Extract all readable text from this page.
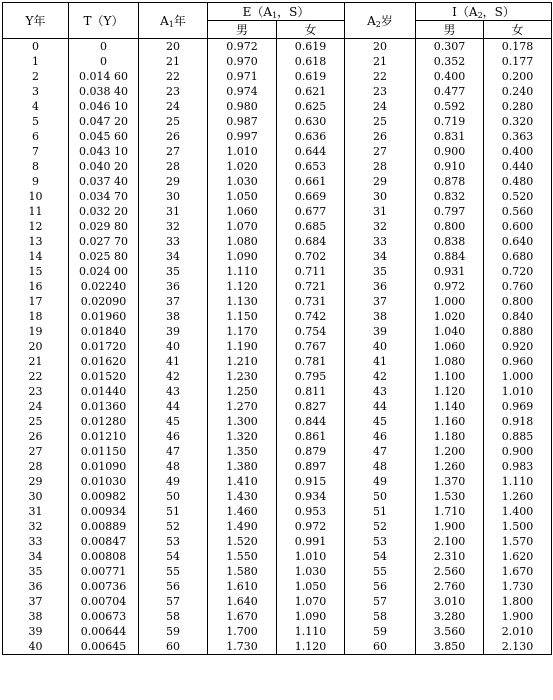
Y年	T（Y）	$A_1$年	$E(A_1$，S）		$A_2$岁	$I(A_2$，S）	
			男	女		男	女
0	0	20	0.972	0.619	20	0.307	0.178
1	0	21	0.970	0.618	21	0.352	0.177
2	0.014 60	22	0.971	0.619	22	0.400	0.200
3	0.038 40	23	0.974	0.621	23	0.477	0.240
4	0.046 10	24	0.980	0.625	24	0.592	0.280
5	0.047 20	25	0.987	0.630	25	0.719	0.320
6	0.045 60	26	0.997	0.636	26	0.831	0.363
7	0.043 10	27	1.010	0.644	27	0.900	0.400
8	0.040 20	28	1.020	0.653	28	0.910	0.440
9	0.037 40	29	1.030	0.661	29	0.878	0.480
10	0.034 70	30	1.050	0.669	30	0.832	0.520
11	0.032 20	31	1.060	0.677	31	0.797	0.560
12	0.029 80	32	1.070	0.685	32	0.800	0.600
13	0.027 70	33	1.080	0.684	33	0.838	0.640
14	0.025 80	34	1.090	0.702	34	0.884	0.680
15	0.024 00	35	1.110	0.711	35	0.931	0.720
16	0.02240	36	1.120	0.721	36	0.972	0.760
17	0.02090	37	1.130	0.731	37	1.000	0.800
18	0.01960	38	1.150	0.742	38	1.020	0.840
19	0.01840	39	1.170	0.754	39	1.040	0.880
20	0.01720	40	1.190	0.767	40	1.060	0.920
21	0.01620	41	1.210	0.781	41	1.080	0.960
22	0.01520	42	1.230	0.795	42	1.100	1.000
23	0.01440	43	1.250	0.811	43	1.120	1.010
24	0.01360	44	1.270	0.827	44	1.140	0.969
25	0.01280	45	1.300	0.844	45	1.160	0.918
26	0.01210	46	1.320	0.861	46	1.180	0.885
27	0.01150	47	1.350	0.879	47	1.200	0.900
28	0.01090	48	1.380	0.897	48	1.260	0.983
29	0.01030	49	1.410	0.915	49	1.370	1.110
30	0.00982	50	1.430	0.934	50	1.530	1.260
31	0.00934	51	1.460	0.953	51	1.710	1.400
32	0.00889	52	1.490	0.972	52	1.900	1.500
33	0.00847	53	1.520	0.991	53	2.100	1.570
34	0.00808	54	1.550	1.010	54	2.310	1.620
35	0.00771	55	1.580	1.030	55	2.560	1.670
36	0.00736	56	1.610	1.050	56	2.760	1.730
37	0.00704	57	1.640	1.070	57	3.010	1.800
38	0.00673	58	1.670	1.090	58	3.280	1.900
39	0.00644	59	1.700	1.110	59	3.560	2.010
40	0.00645	60	1.730	1.120	60	3.850	2.130
